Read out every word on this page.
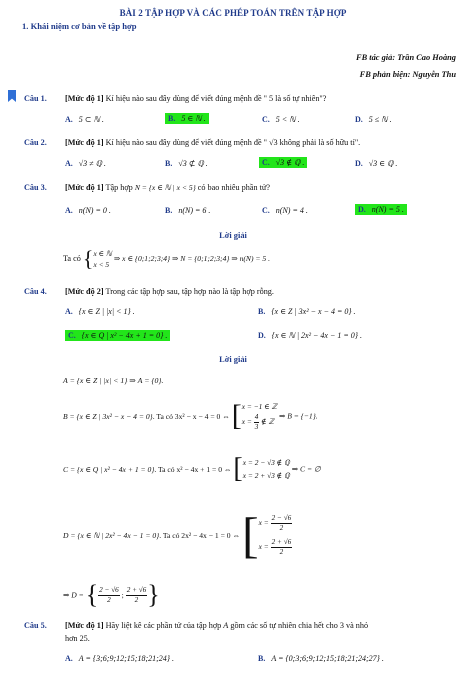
BÀI 2 TẬP HỢP VÀ CÁC PHÉP TOÁN TRÊN TẬP HỢP
1. Khái niệm cơ bản về tập hợp
FB tác giả: Trần Cao Hoàng
FB phản biện: Nguyễn Thu
Câu 1. [Mức độ 1] Kí hiệu nào sau đây dùng để viết đúng mệnh đề " 5 là số tự nhiên"?
A. 5 ⊂ ℕ .	B. 5 ∈ ℕ .	C. 5 < ℕ .	D. 5 ≤ ℕ .
Câu 2. [Mức độ 1] Kí hiệu nào sau đây dùng để viết đúng mệnh đề " √3 không phải là số hữu tỉ".
A. √3 ≠ ℚ .	B. √3 ⊄ ℚ .	C. √3 ∉ ℚ .	D. √3 ∈ ℚ .
Câu 3. [Mức độ 1] Tập hợp N = {x ∈ ℕ | x < 5} có bao nhiêu phần tử?
A. n(N) = 0 .	B. n(N) = 6 .	C. n(N) = 4 .	D. n(N) = 5 .
Lời giải
Ta có { x ∈ ℕ
x < 5
⇒ x ∈ {0;1;2;3;4} ⇒ N = {0;1;2;3;4} ⇒ n(N) = 5 .
Câu 4. [Mức độ 2] Trong các tập hợp sau, tập hợp nào là tập hợp rỗng.
A. {x ∈ Z | |x| < 1} .	B. {x ∈ Z | 3x² − x − 4 = 0} .
C. {x ∈ Q | x² − 4x + 1 = 0} .	D. {x ∈ ℕ | 2x² − 4x − 1 = 0} .
Lời giải
A = {x ∈ Z | |x| < 1} ⇒ A = {0}.
B = {x ∈ Z | 3x² − x − 4 = 0}. Ta có 3x² − x − 4 = 0 ⇔ [ x = −1 ∈ ℤ
$x = \frac{4}{3}$ ∉ ℤ
⇒ B = {−1}.
C = {x ∈ Q | x² − 4x + 1 = 0}. Ta có x² − 4x + 1 = 0 ⇔ [ x = 2 − √3 ∉ ℚ
x = 2 + √3 ∉ ℚ
⇒ C = ∅
D = {x ∈ ℕ | 2x² − 4x − 1 = 0}. Ta có 2x² − 4x − 1 = 0 ⇔ [ $x = \frac{2 - √6}{2}$
$x = \frac{2 + √6}{2}$
⇒ D = { $\frac{2 - √6}{2}$ ; $\frac{2 + √6}{2}$ }
Câu 5. [Mức độ 1] Hãy liệt kê các phần tử của tập hợp A gồm các số tự nhiên chia hết cho 3 và nhỏ
hơn 25.
A. A = {3;6;9;12;15;18;21;24} .	B. A = {0;3;6;9;12;15;18;21;24;27} .
